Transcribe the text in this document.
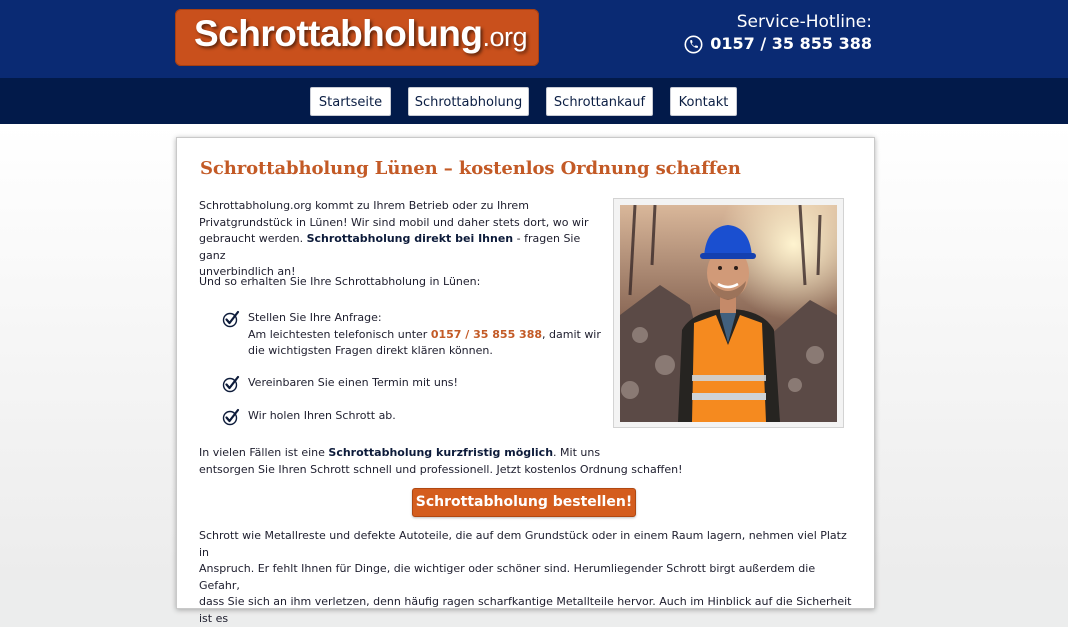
Schrottabholung.org	Service-Hotline:
0157 / 35 855 388
Startseite	Schrottabholung	Schrottankauf	Kontakt
Schrottabholung Lünen – kostenlos Ordnung schaffen
Schrottabholung.org kommt zu Ihrem Betrieb oder zu Ihrem
Privatgrundstück in Lünen! Wir sind mobil und daher stets dort, wo wir
gebraucht werden. Schrottabholung direkt bei Ihnen - fragen Sie ganz
unverbindlich an!
Und so erhalten Sie Ihre Schrottabholung in Lünen:
Stellen Sie Ihre Anfrage:
Am leichtesten telefonisch unter 0157 / 35 855 388, damit wir
die wichtigsten Fragen direkt klären können.
Vereinbaren Sie einen Termin mit uns!
Wir holen Ihren Schrott ab.
In vielen Fällen ist eine Schrottabholung kurzfristig möglich. Mit uns
entsorgen Sie Ihren Schrott schnell und professionell. Jetzt kostenlos Ordnung schaffen!
Schrottabholung bestellen!
Schrott wie Metallreste und defekte Autoteile, die auf dem Grundstück oder in einem Raum lagern, nehmen viel Platz in
Anspruch. Er fehlt Ihnen für Dinge, die wichtiger oder schöner sind. Herumliegender Schrott birgt außerdem die Gefahr,
dass Sie sich an ihm verletzen, denn häufig ragen scharfkantige Metallteile hervor. Auch im Hinblick auf die Sicherheit ist es
